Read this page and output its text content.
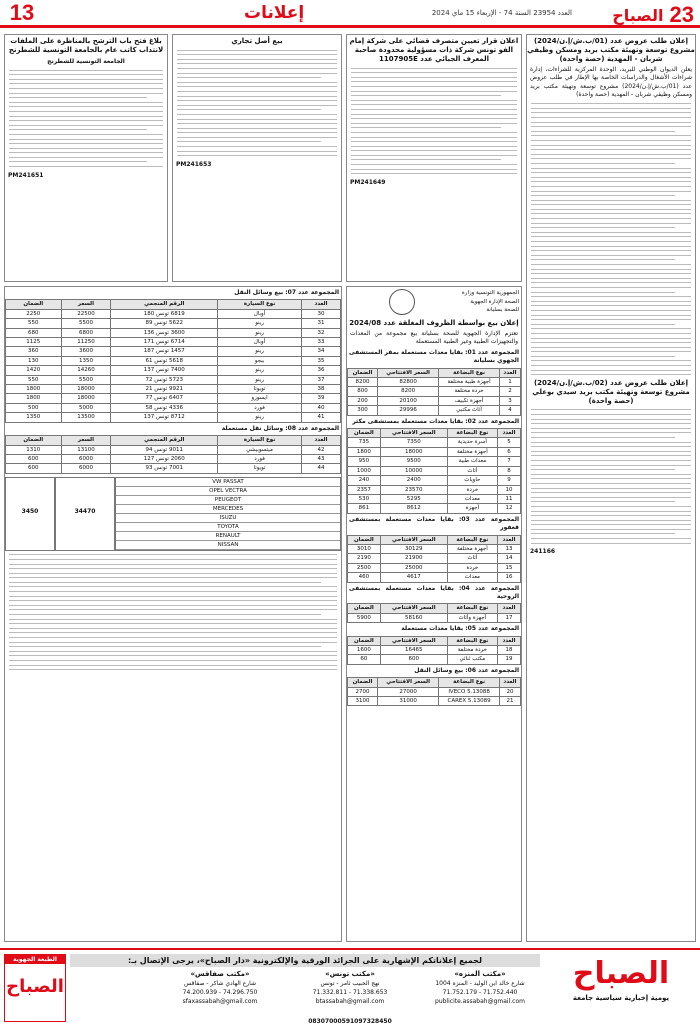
13	إعلانات	العدد 23954 السنة 74 - الإربعاء 15 ماي 2024	23
الصباح
إعلان طلب عروض عدد (01/ب.ش/إ.ن/2024) مشروع توسعة وتهيئة مكتب بريد ومسكن وظيفي شربان - المهدية (حصة واحدة)
يعلن الديوان الوطني للبريد، الوحدة المركزية للشراءات، إدارة شراءات الأشغال والدراسات الخاصة بها الإطار في طلب عروض عدد (01/ب.ش/إ.ن/2024) مشروع توسعة وتهيئة مكتب بريد ومسكن وظيفي شربان - المهدية (حصة واحدة)
إعلان طلب عروض عدد (02/ب.ش/إ.ن/2024) مشروع توسعة وتهيئة مكتب بريد سيدي بوعلي (حصة واحدة)
241166
اعلان قرار تعيين متصرف قضائي على شركة إمام الفو تونس شركة ذات مسؤولية محدودة صاحبة المعرف الجبائي عدد 1107905E
PM241649
بيع أصل تجاري
PM241653
بلاغ فتح باب الترشح بالمناظرة على الملفات لانتداب كاتب عام بالجامعة التونسية للشطرنج
الجامعة التونسية للشطرنج
PM241651
الجمهورية التونسية وزارة الصحة الإدارة الجهوية للصحة بسليانة
إعلان بيع بواسطة الظروف المغلقة عدد 2024/08
تعتزم الإدارة الجهوية للصحة بسليانة بيع مجموعة من المعدات والتجهيزات الطبية وغير الطبية المستعملة
المجموعة عدد 01: بقايا معدات مستعملة بمقر المستشفى الجهوي بسليانة
العدد	نوع البضاعة	السعر الافتتاحي	الضمان
1	أجهزة طبية مختلفة	82800	8200
2	خردة مختلفة	8200	800
3	أجهزة تكييف	20100	200
4	أثاث مكتبي	29996	300
المجموعة عدد 02: بقايا معدات مستعملة بمستشفى مكثر
العدد	نوع البضاعة	السعر الافتتاحي	الضمان
5	أسرة حديدية	7350	735
6	أجهزة مختلفة	18000	1800
7	معدات طبية	9500	950
8	أثاث	10000	1000
9	حاويات	2400	240
10	خردة	23570	2357
11	معدات	5295	530
12	أجهزة	8612	861
المجموعة عدد 03: بقايا معدات مستعملة بمستشفى قعفور
العدد	نوع البضاعة	السعر الافتتاحي	الضمان
13	أجهزة مختلفة	30129	3010
14	أثاث	21900	2190
15	خردة	25000	2500
16	معدات	4617	460
المجموعة عدد 04: بقايا معدات مستعملة بمستشفى الروحية
العدد	نوع البضاعة	السعر الافتتاحي	الضمان
17	أجهزة وأثاث	58160	5900
المجموعة عدد 05: بقايا معدات مستعملة
العدد	نوع البضاعة	السعر الافتتاحي	الضمان
18	خردة مختلفة	16465	1600
19	مكتب ثنائي	600	60
المجموعة عدد 06: بيع وسائل النقل
العدد	نوع البضاعة	السعر الافتتاحي	الضمان
20	IVECO 5.13088	27000	2700
21	CAREX 5.13089	31000	3100
المجموعة عدد 07: بيع وسائل النقل
العدد	نوع السيارة	الرقم المنجمي	السعر	الضمان
30	أوبال	6819 تونس 180	22500	2250
31	رينو	5622 تونس 89	5500	550
32	رينو	3600 تونس 136	6800	680
33	أوبال	6714 تونس 171	11250	1125
34	رينو	1457 تونس 187	3600	360
35	بيجو	5618 تونس 61	1350	130
36	رينو	7400 تونس 137	14260	1420
37	رينو	5723 تونس 72	5500	550
38	تويوتا	9921 تونس 21	18000	1800
39	ايسوزو	6407 تونس 77	18000	1800
40	فورد	4336 تونس 58	5000	500
41	رينو	8712 تونس 137	13500	1350
المجموعة عدد 08: وسائل نقل مستعملة
العدد	نوع السيارة	الرقم المنجمي	السعر	الضمان
42	ميتسوبيشي	9011 تونس 94	13100	1310
43	فورد	2060 تونس 127	6000	600
44	تويوتا	7001 تونس 93	6000	600
VW PASSAT
OPEL VECTRA
PEUGEOT
MERCEDES
ISUZU
TOYOTA
RENAULT
NISSAN
34470
3450
لجميع إعلاناتكم الإشهارية على الجرائد الورقية والإلكترونية «دار الصباح»، يرجى الإتصال بـ:	الصباح
يومية إخبارية سياسية جامعة
الطبعة الجهوية
الصباح
«مكتب المنزه»
شارع خالد ابن الوليد - المنزه 1004
71.752.179 - 71.752.440
publicite.assabah@gmail.com
«مكتب تونس»
نهج الحبيب ثامر - تونس
71.332.811 - 71.338.653
btassabah@gmail.com
«مكتب صفاقس»
شارع الهادي شاكر - صفاقس
74.200.939 - 74.296.750
sfaxassabah@gmail.com
08307000591097328450
